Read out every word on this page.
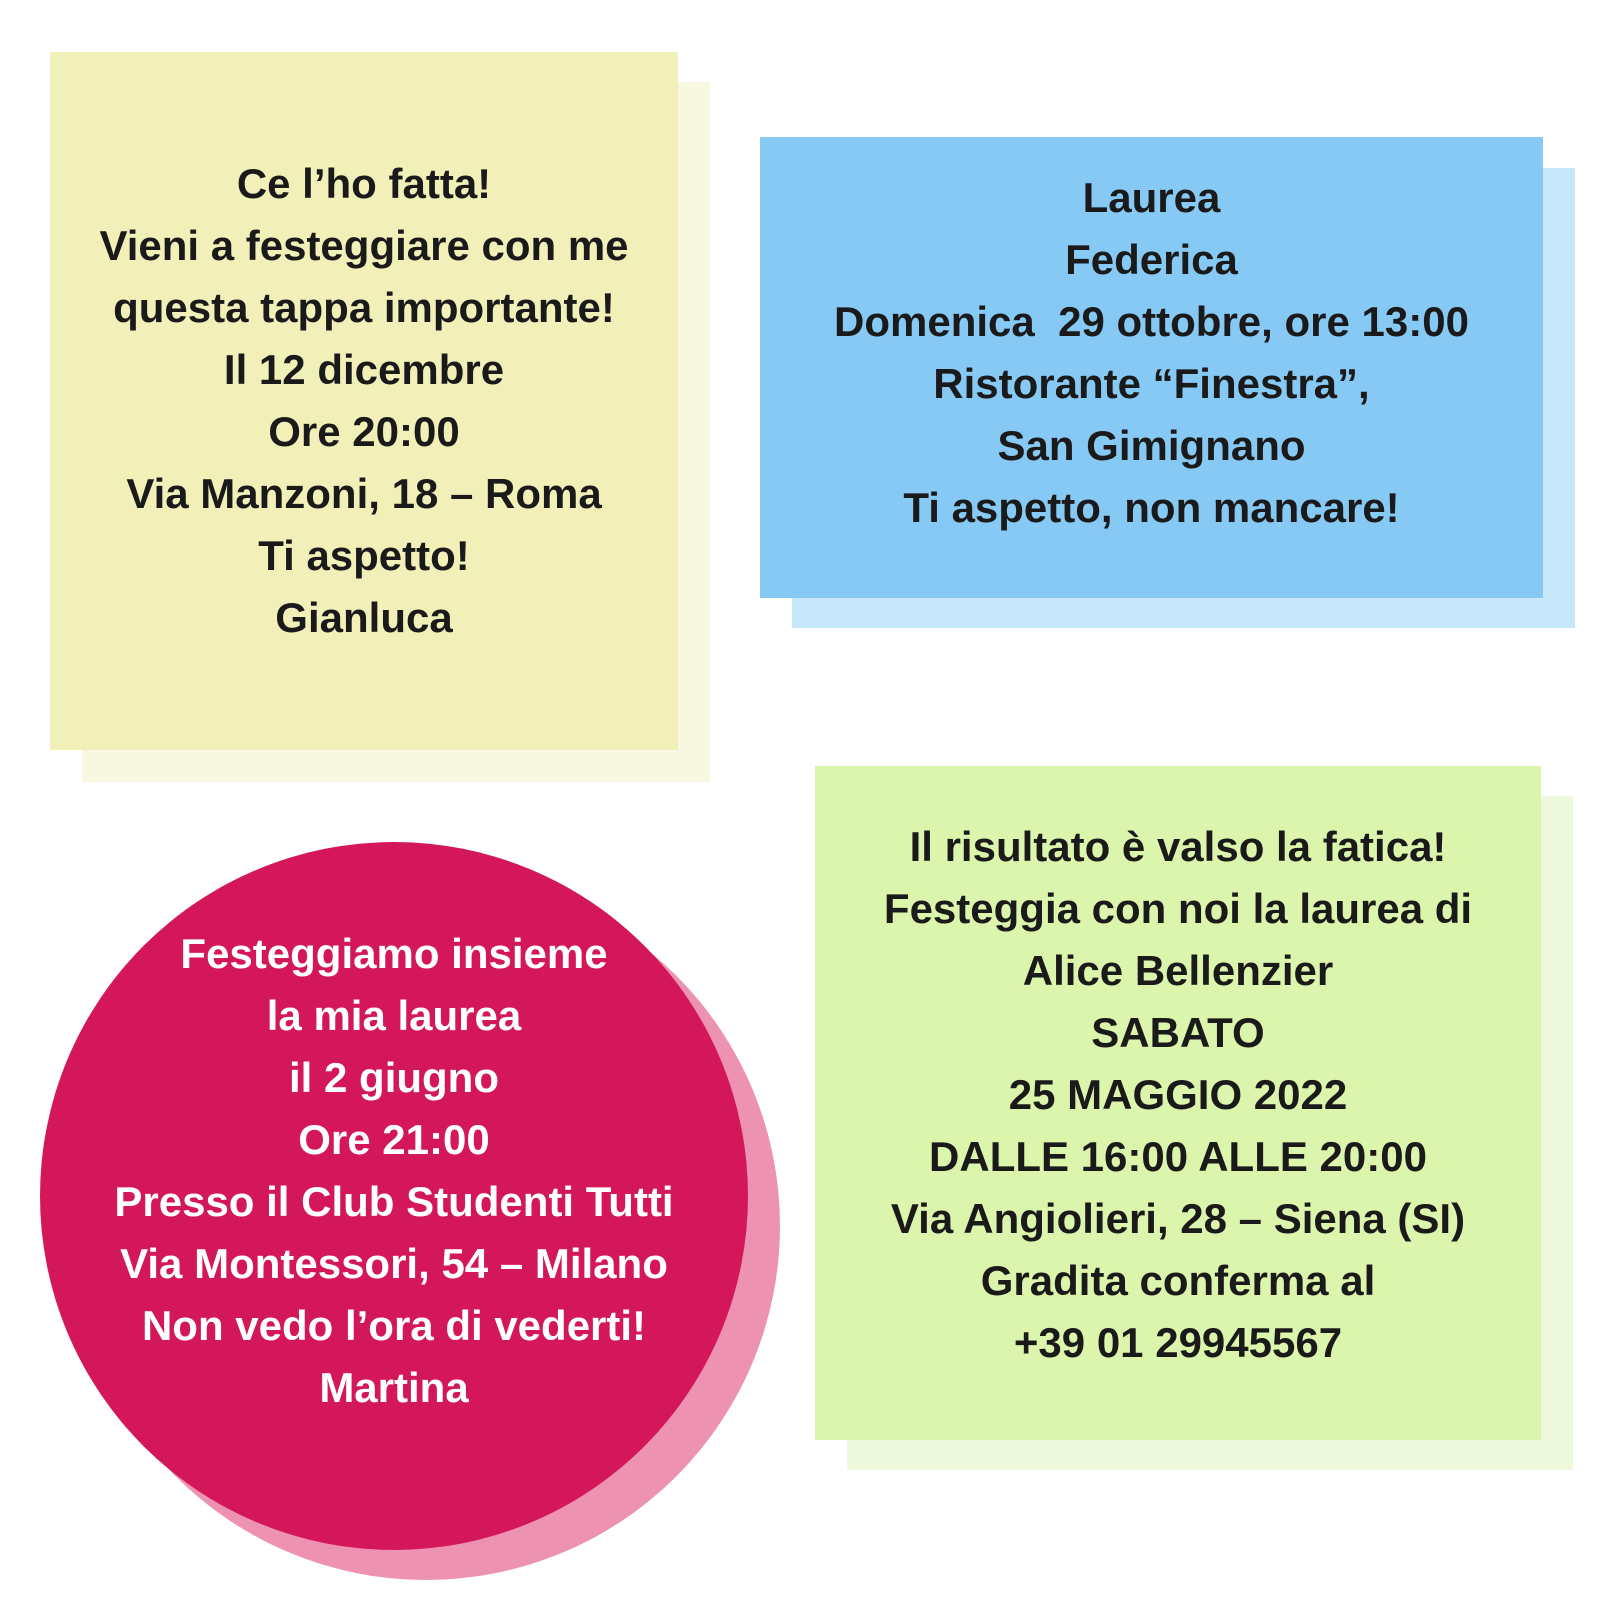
Ce l’ho fatta!
Vieni a festeggiare con me
questa tappa importante!
Il 12 dicembre
Ore 20:00
Via Manzoni, 18 – Roma
Ti aspetto!
Gianluca
Laurea
Federica
Domenica  29 ottobre, ore 13:00
Ristorante “Finestra”,
San Gimignano
Ti aspetto, non mancare!
Festeggiamo insieme
la mia laurea
il 2 giugno
Ore 21:00
Presso il Club Studenti Tutti
Via Montessori, 54 – Milano
Non vedo l’ora di vederti!
Martina
Il risultato è valso la fatica!
Festeggia con noi la laurea di
Alice Bellenzier
SABATO
25 MAGGIO 2022
DALLE 16:00 ALLE 20:00
Via Angiolieri, 28 – Siena (SI)
Gradita conferma al
+39 01 29945567
